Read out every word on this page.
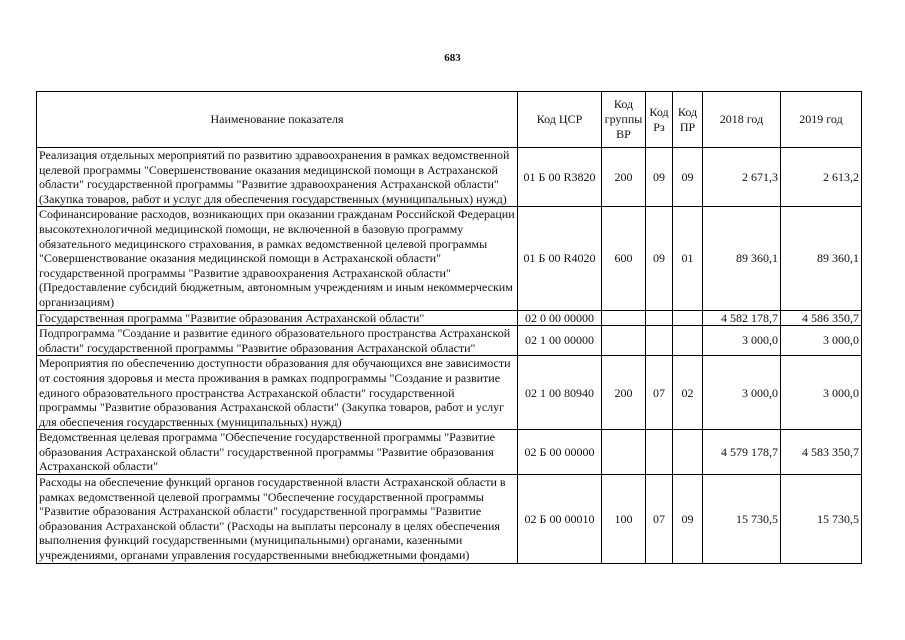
683
Наименование показателя	Код ЦСР	Код группы ВР	Код Рз	Код ПР	2018 год	2019 год
Реализация отдельных мероприятий по развитию здравоохранения в рамках ведомственной целевой программы "Совершенствование оказания медицинской помощи в Астраханской области" государственной программы "Развитие здравоохранения Астраханской области" (Закупка товаров, работ и услуг для обеспечения государственных (муниципальных) нужд)	01 Б 00 R3820	200	09	09	2 671,3	2 613,2
Софинансирование расходов, возникающих при оказании гражданам Российской Федерации высокотехнологичной медицинской помощи, не включенной в базовую программу обязательного медицинского страхования, в рамках ведомственной целевой программы "Совершенствование оказания медицинской помощи в Астраханской области" государственной программы "Развитие здравоохранения Астраханской области" (Предоставление субсидий бюджетным, автономным учреждениям и иным некоммерческим организациям)	01 Б 00 R4020	600	09	01	89 360,1	89 360,1
Государственная программа "Развитие образования Астраханской области"	02 0 00 00000				4 582 178,7	4 586 350,7
Подпрограмма "Создание и развитие единого образовательного пространства Астраханской области" государственной программы "Развитие образования Астраханской области"	02 1 00 00000				3 000,0	3 000,0
Мероприятия по обеспечению доступности образования для обучающихся вне зависимости от состояния здоровья и места проживания в рамках подпрограммы "Создание и развитие единого образовательного пространства Астраханской области" государственной программы "Развитие образования Астраханской области" (Закупка товаров, работ и услуг для обеспечения государственных (муниципальных) нужд)	02 1 00 80940	200	07	02	3 000,0	3 000,0
Ведомственная целевая программа "Обеспечение государственной программы "Развитие образования Астраханской области" государственной программы "Развитие образования Астраханской области"	02 Б 00 00000				4 579 178,7	4 583 350,7
Расходы на обеспечение функций органов государственной власти Астраханской области в рамках ведомственной целевой программы "Обеспечение государственной программы "Развитие образования Астраханской области" государственной программы "Развитие образования Астраханской области" (Расходы на выплаты персоналу в целях обеспечения выполнения функций государственными (муниципальными) органами, казенными учреждениями, органами управления государственными внебюджетными фондами)	02 Б 00 00010	100	07	09	15 730,5	15 730,5
